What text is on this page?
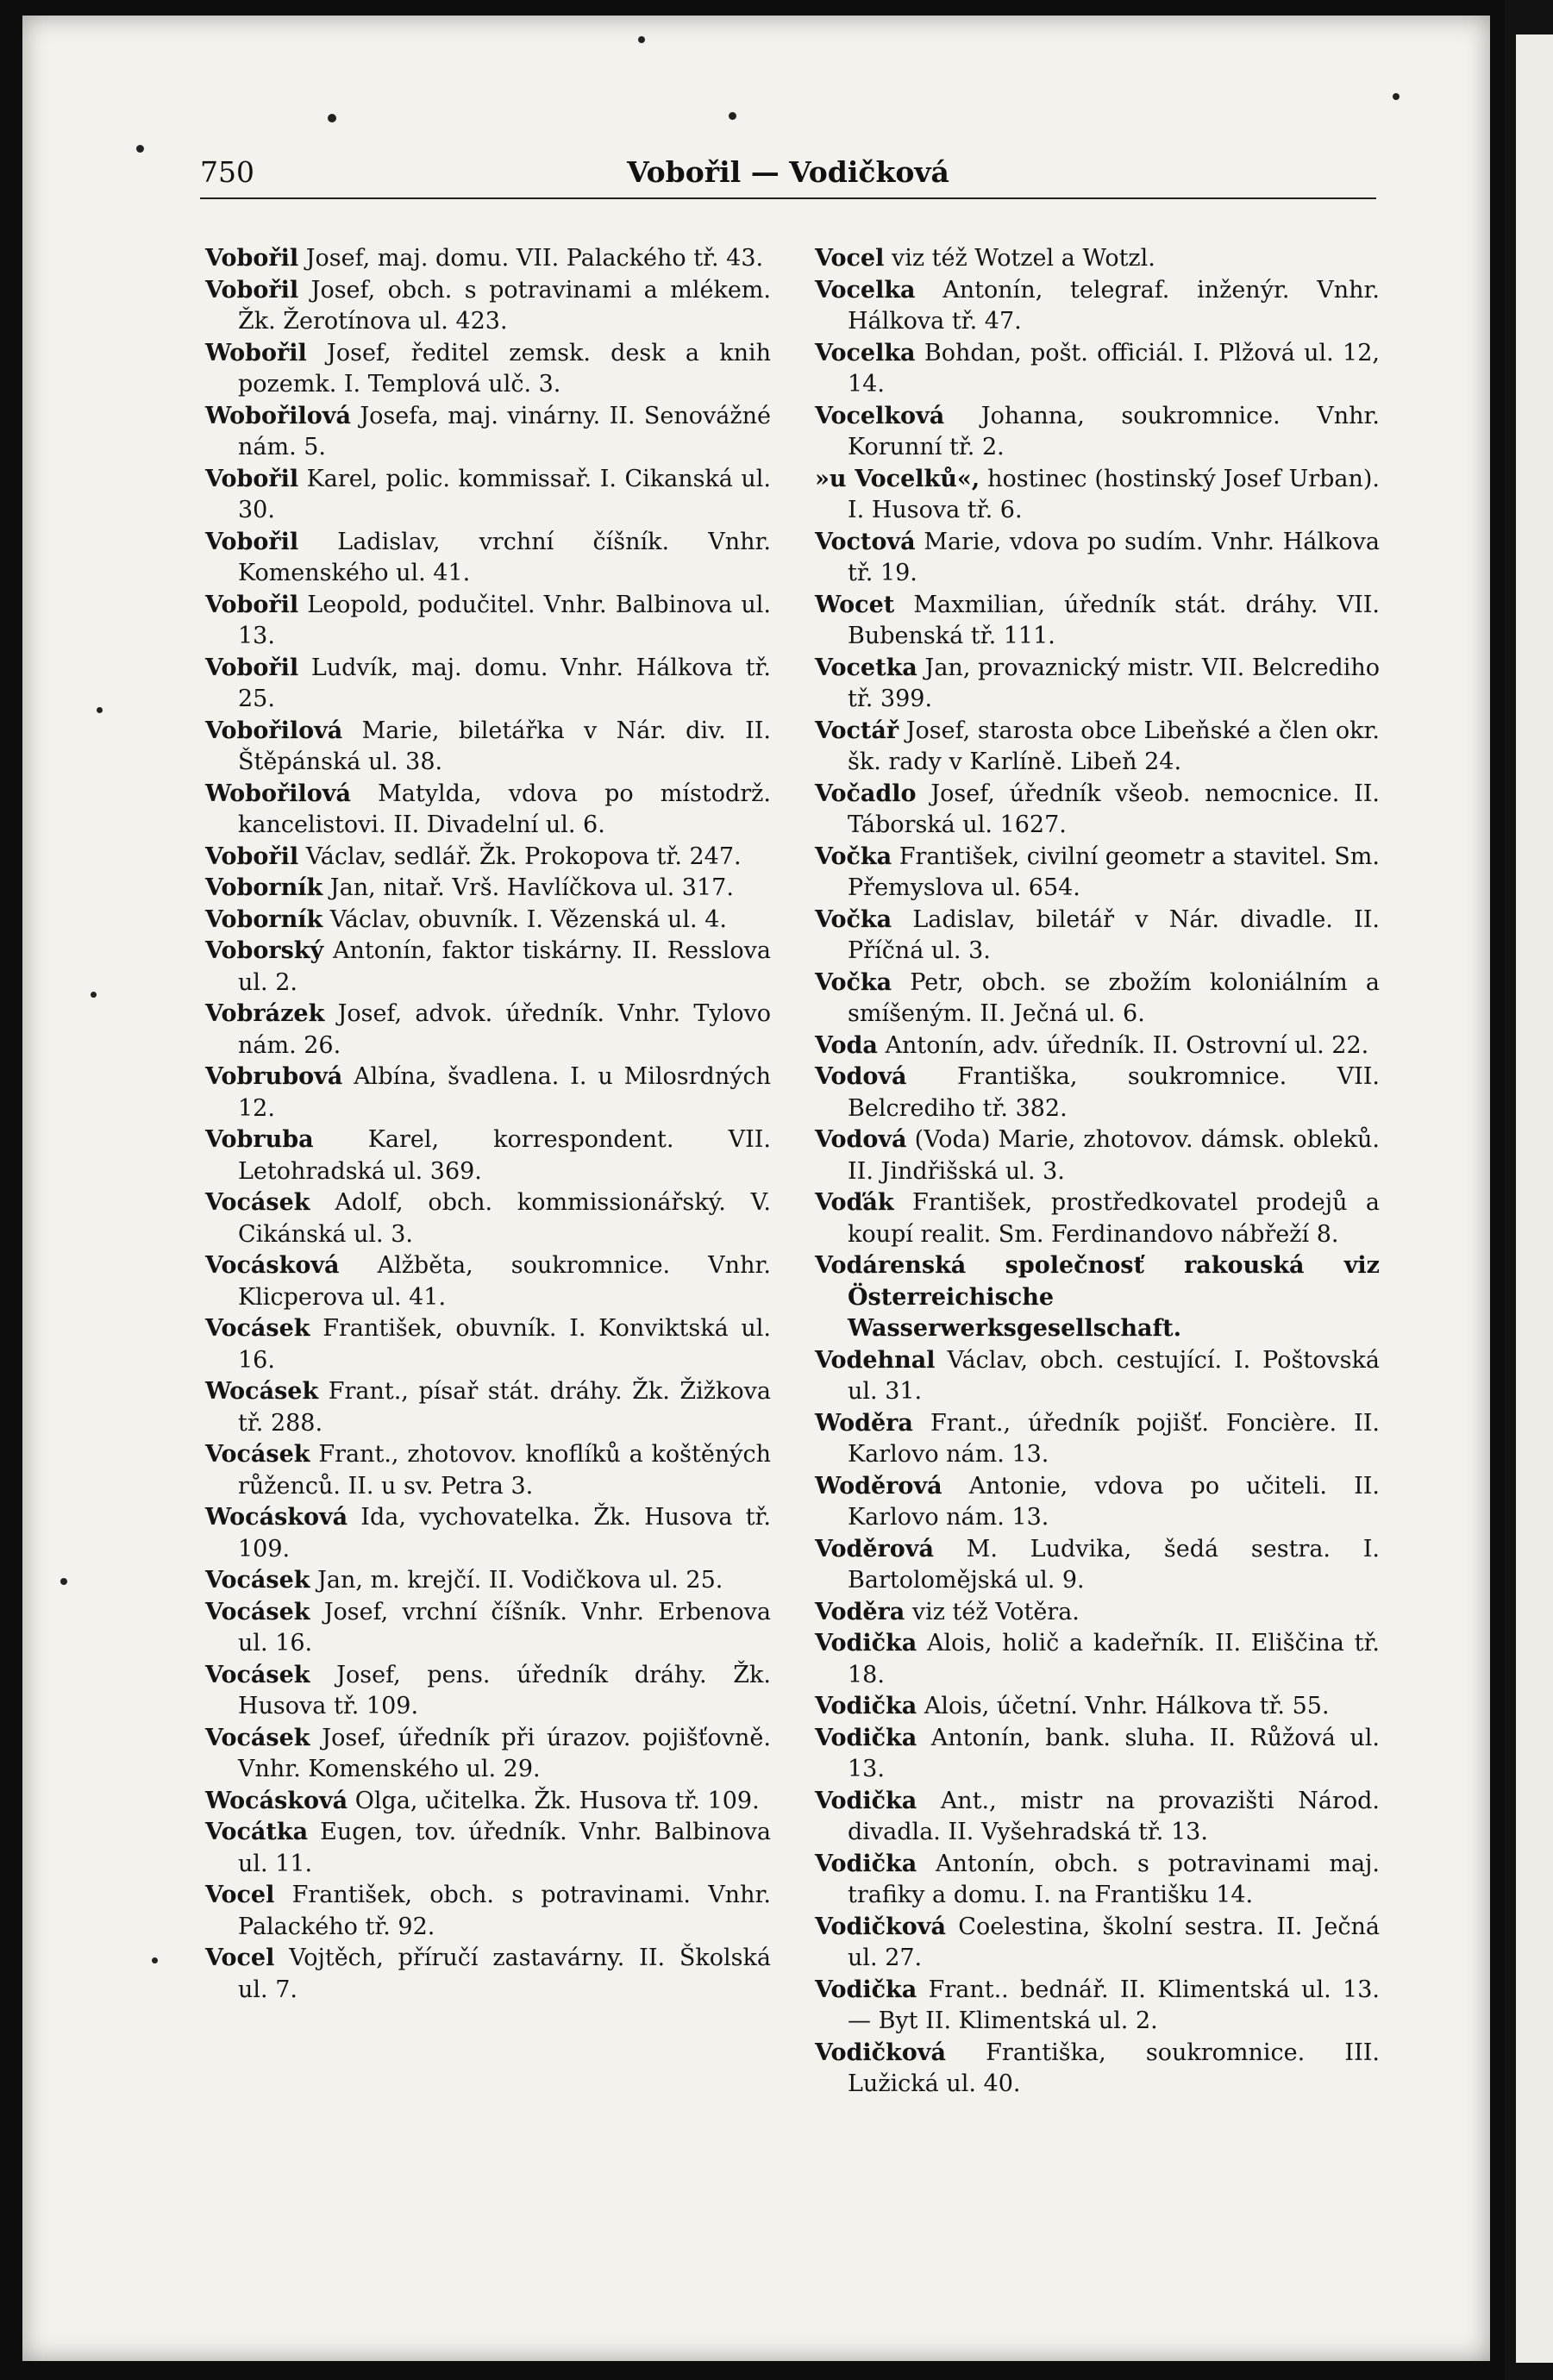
750	Vobořil — Vodičková

Vobořil Josef, maj. domu. VII. Palackého tř. 43.

Vobořil Josef, obch. s potravinami a mlékem. Žk. Žerotínova ul. 423.

Wobořil Josef, ředitel zemsk. desk a knih pozemk. I. Templová ulč. 3.

Wobořilová Josefa, maj. vinárny. II. Senovážné nám. 5.

Vobořil Karel, polic. kommissař. I. Cikanská ul. 30.

Vobořil Ladislav, vrchní číšník. Vnhr. Komenského ul. 41.

Vobořil Leopold, podučitel. Vnhr. Balbinova ul. 13.

Vobořil Ludvík, maj. domu. Vnhr. Hálkova tř. 25.

Vobořilová Marie, biletářka v Nár. div. II. Štěpánská ul. 38.

Wobořilová Matylda, vdova po místodrž. kancelistovi. II. Divadelní ul. 6.

Vobořil Václav, sedlář. Žk. Prokopova tř. 247.

Voborník Jan, nitař. Vrš. Havlíčkova ul. 317.

Voborník Václav, obuvník. I. Vězenská ul. 4.

Voborský Antonín, faktor tiskárny. II. Resslova ul. 2.

Vobrázek Josef, advok. úředník. Vnhr. Tylovo nám. 26.

Vobrubová Albína, švadlena. I. u Milosrdných 12.

Vobruba Karel, korrespondent. VII. Letohradská ul. 369.

Vocásek Adolf, obch. kommissionářský. V. Cikánská ul. 3.

Vocásková Alžběta, soukromnice. Vnhr. Klicperova ul. 41.

Vocásek František, obuvník. I. Konviktská ul. 16.

Wocásek Frant., písař stát. dráhy. Žk. Žižkova tř. 288.

Vocásek Frant., zhotovov. knoflíků a koštěných růženců. II. u sv. Petra 3.

Wocásková Ida, vychovatelka. Žk. Husova tř. 109.

Vocásek Jan, m. krejčí. II. Vodičkova ul. 25.

Vocásek Josef, vrchní číšník. Vnhr. Erbenova ul. 16.

Vocásek Josef, pens. úředník dráhy. Žk. Husova tř. 109.

Vocásek Josef, úředník při úrazov. pojišťovně. Vnhr. Komenského ul. 29.

Wocásková Olga, učitelka. Žk. Husova tř. 109.

Vocátka Eugen, tov. úředník. Vnhr. Balbinova ul. 11.

Vocel František, obch. s potravinami. Vnhr. Palackého tř. 92.

Vocel Vojtěch, příručí zastavárny. II. Školská ul. 7.

Vocel viz též Wotzel a Wotzl.

Vocelka Antonín, telegraf. inženýr. Vnhr. Hálkova tř. 47.

Vocelka Bohdan, pošt. officiál. I. Plžová ul. 12, 14.

Vocelková Johanna, soukromnice. Vnhr. Korunní tř. 2.

»u Vocelků«, hostinec (hostinský Josef Urban). I. Husova tř. 6.

Voctová Marie, vdova po sudím. Vnhr. Hálkova tř. 19.

Wocet Maxmilian, úředník stát. dráhy. VII. Bubenská tř. 111.

Vocetka Jan, provaznický mistr. VII. Belcrediho tř. 399.

Voctář Josef, starosta obce Libeňské a člen okr. šk. rady v Karlíně. Libeň 24.

Vočadlo Josef, úředník všeob. nemocnice. II. Táborská ul. 1627.

Vočka František, civilní geometr a stavitel. Sm. Přemyslova ul. 654.

Vočka Ladislav, biletář v Nár. divadle. II. Příčná ul. 3.

Vočka Petr, obch. se zbožím koloniálním a smíšeným. II. Ječná ul. 6.

Voda Antonín, adv. úředník. II. Ostrovní ul. 22.

Vodová Františka, soukromnice. VII. Belcrediho tř. 382.

Vodová (Voda) Marie, zhotovov. dámsk. obleků. II. Jindřišská ul. 3.

Voďák František, prostředkovatel prodejů a koupí realit. Sm. Ferdinandovo nábřeží 8.

Vodárenská společnosť rakouská viz Österreichische Wasserwerksgesellschaft.

Vodehnal Václav, obch. cestující. I. Poštovská ul. 31.

Woděra Frant., úředník pojišť. Foncière. II. Karlovo nám. 13.

Woděrová Antonie, vdova po učiteli. II. Karlovo nám. 13.

Voděrová M. Ludvika, šedá sestra. I. Bartolomějská ul. 9.

Voděra viz též Votěra.

Vodička Alois, holič a kadeřník. II. Eliščina tř. 18.

Vodička Alois, účetní. Vnhr. Hálkova tř. 55.

Vodička Antonín, bank. sluha. II. Růžová ul. 13.

Vodička Ant., mistr na provazišti Národ. divadla. II. Vyšehradská tř. 13.

Vodička Antonín, obch. s potravinami maj. trafiky a domu. I. na Františku 14.

Vodičková Coelestina, školní sestra. II. Ječná ul. 27.

Vodička Frant.. bednář. II. Klimentská ul. 13. — Byt II. Klimentská ul. 2.

Vodičková Františka, soukromnice. III. Lužická ul. 40.
